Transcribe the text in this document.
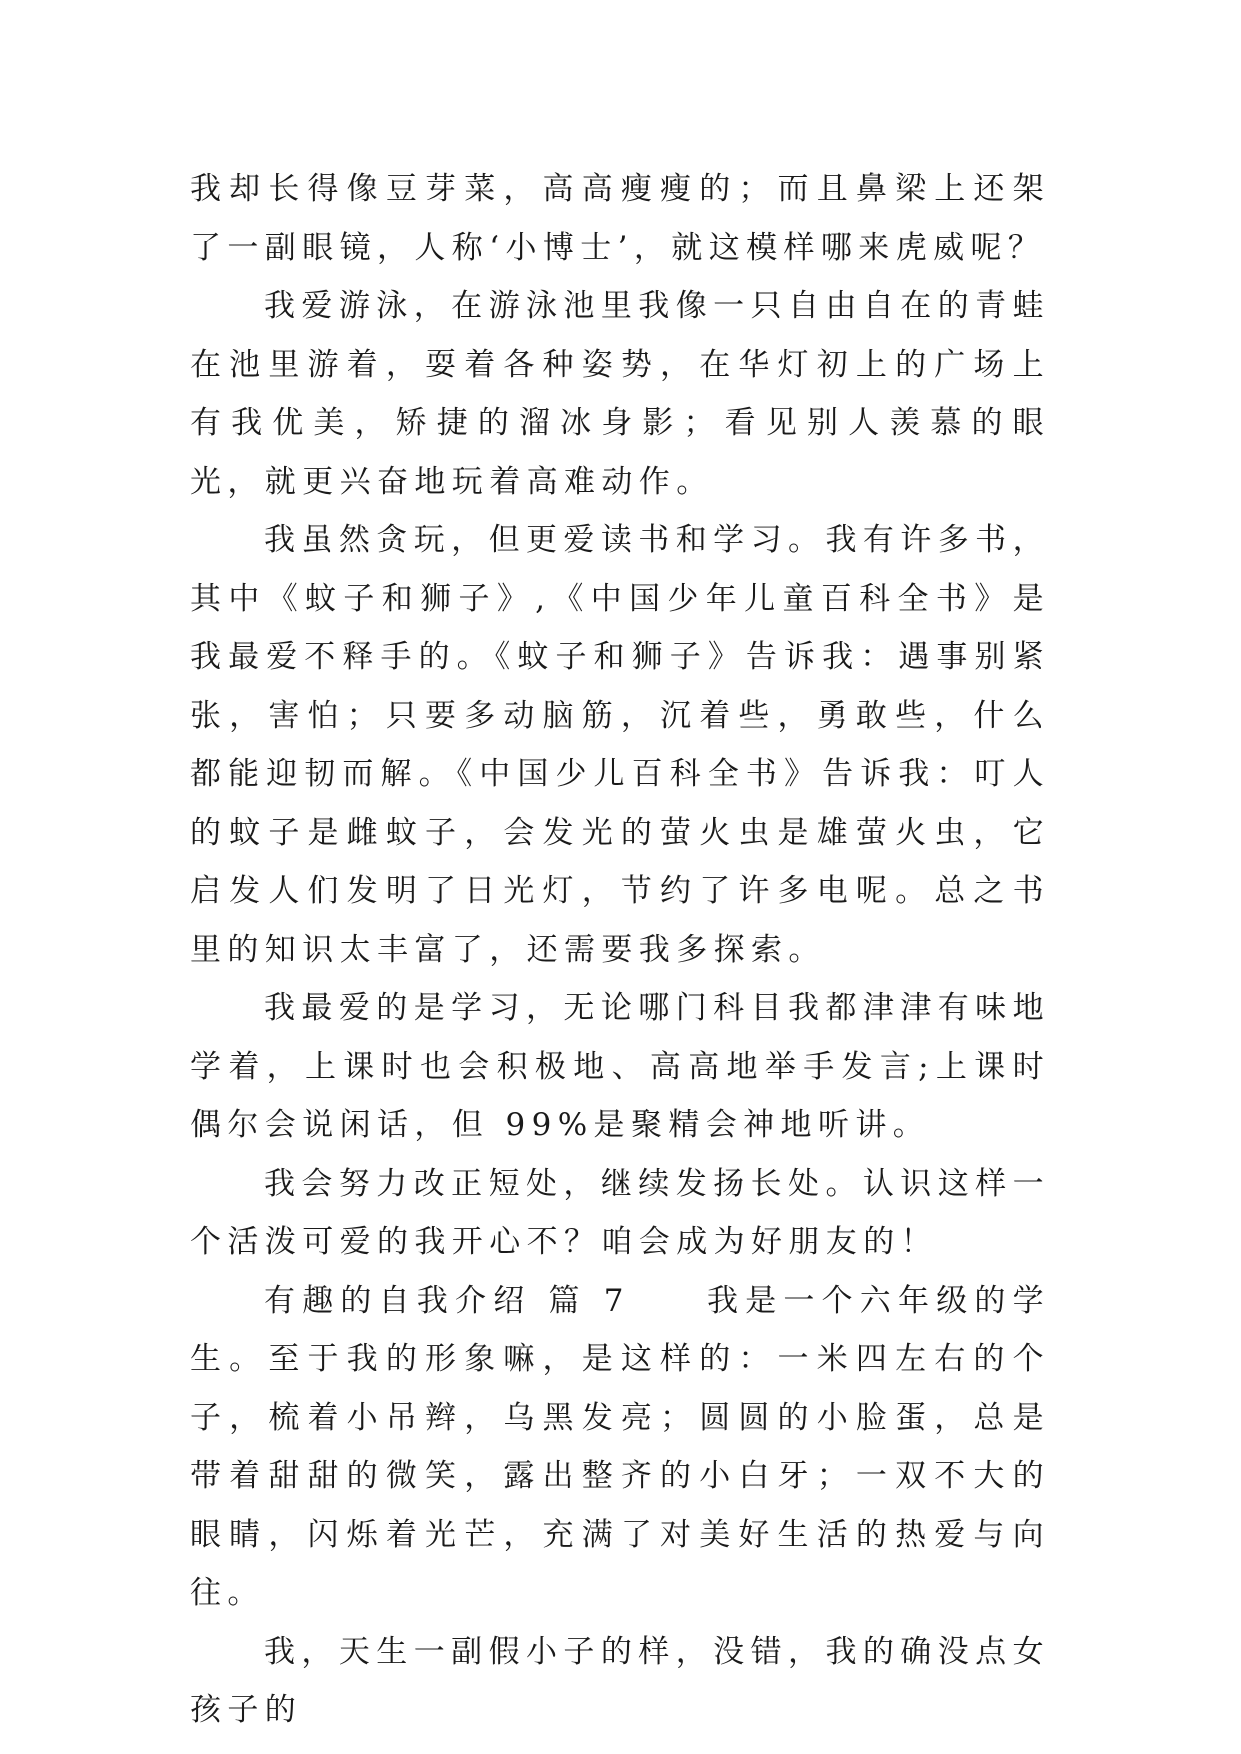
我却长得像豆芽菜，高高瘦瘦的；而且鼻梁上还架了一副眼镜，人称‘小博士’，就这模样哪来虎威呢？

我爱游泳，在游泳池里我像一只自由自在的青蛙在池里游着，耍着各种姿势，在华灯初上的广场上有我优美，矫捷的溜冰身影；看见别人羡慕的眼光，就更兴奋地玩着高难动作。

我虽然贪玩，但更爱读书和学习。我有许多书，其中《蚊子和狮子》,《中国少年儿童百科全书》是我最爱不释手的。《蚊子和狮子》告诉我：遇事别紧张，害怕；只要多动脑筋，沉着些，勇敢些，什么都能迎韧而解。《中国少儿百科全书》告诉我：叮人的蚊子是雌蚊子，会发光的萤火虫是雄萤火虫，它启发人们发明了日光灯，节约了许多电呢。总之书里的知识太丰富了，还需要我多探索。

我最爱的是学习，无论哪门科目我都津津有味地学着，上课时也会积极地、高高地举手发言;上课时偶尔会说闲话，但 99%是聚精会神地听讲。

我会努力改正短处，继续发扬长处。认识这样一个活泼可爱的我开心不？咱会成为好朋友的！

有趣的自我介绍 篇 7　　我是一个六年级的学生。至于我的形象嘛，是这样的：一米四左右的个子，梳着小吊辫，乌黑发亮；圆圆的小脸蛋，总是带着甜甜的微笑，露出整齐的小白牙；一双不大的眼睛，闪烁着光芒，充满了对美好生活的热爱与向往。

我，天生一副假小子的样，没错，我的确没点女孩子的
